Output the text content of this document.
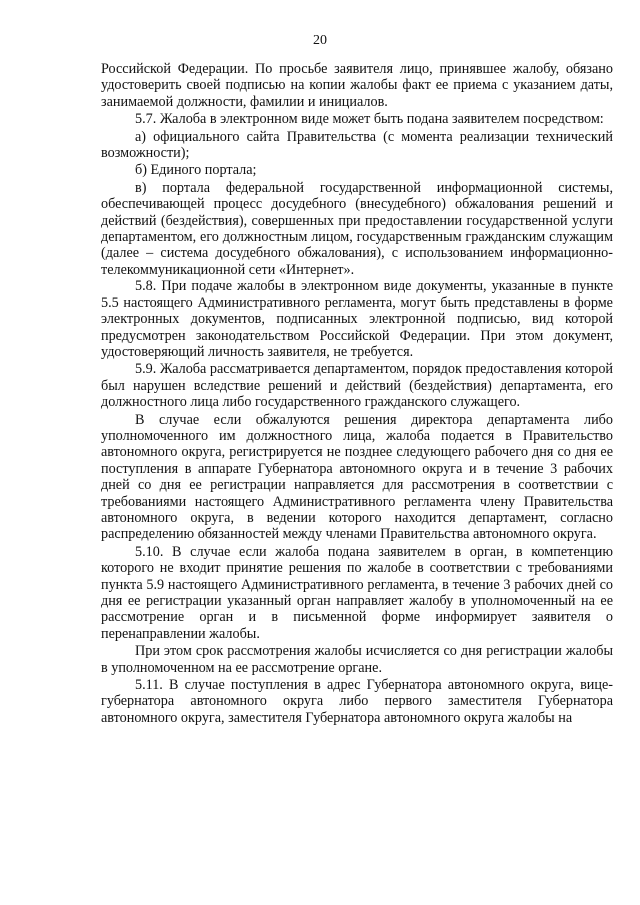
20

Российской Федерации. По просьбе заявителя лицо, принявшее жалобу, обязано удостоверить своей подписью на копии жалобы факт ее приема с указанием даты, занимаемой должности, фамилии и инициалов.

5.7. Жалоба в электронном виде может быть подана заявителем посредством:

а) официального сайта Правительства (с момента реализации технический возможности);

б) Единого портала;

в) портала федеральной государственной информационной системы, обеспечивающей процесс досудебного (внесудебного) обжалования решений и действий (бездействия), совершенных при предоставлении государственной услуги департаментом, его должностным лицом, государственным гражданским служащим (далее – система досудебного обжалования), с использованием информационно-телекоммуникационной сети «Интернет».

5.8. При подаче жалобы в электронном виде документы, указанные в пункте 5.5 настоящего Административного регламента, могут быть представлены в форме электронных документов, подписанных электронной подписью, вид которой предусмотрен законодательством Российской Федерации. При этом документ, удостоверяющий личность заявителя, не требуется.

5.9. Жалоба рассматривается департаментом, порядок предоставления которой был нарушен вследствие решений и действий (бездействия) департамента, его должностного лица либо государственного гражданского служащего.

В случае если обжалуются решения директора департамента либо уполномоченного им должностного лица, жалоба подается в Правительство автономного округа, регистрируется не позднее следующего рабочего дня со дня ее поступления в аппарате Губернатора автономного округа и в течение 3 рабочих дней со дня ее регистрации направляется для рассмотрения в соответствии с требованиями настоящего Административного регламента члену Правительства автономного округа, в ведении которого находится департамент, согласно распределению обязанностей между членами Правительства автономного округа.

5.10. В случае если жалоба подана заявителем в орган, в компетенцию которого не входит принятие решения по жалобе в соответствии с требованиями пункта 5.9 настоящего Административного регламента, в течение 3 рабочих дней со дня ее регистрации указанный орган направляет жалобу в уполномоченный на ее рассмотрение орган и в письменной форме информирует заявителя о перенаправлении жалобы.

При этом срок рассмотрения жалобы исчисляется со дня регистрации жалобы в уполномоченном на ее рассмотрение органе.

5.11. В случае поступления в адрес Губернатора автономного округа, вице-губернатора автономного округа либо первого заместителя Губернатора автономного округа, заместителя Губернатора автономного округа жалобы на
